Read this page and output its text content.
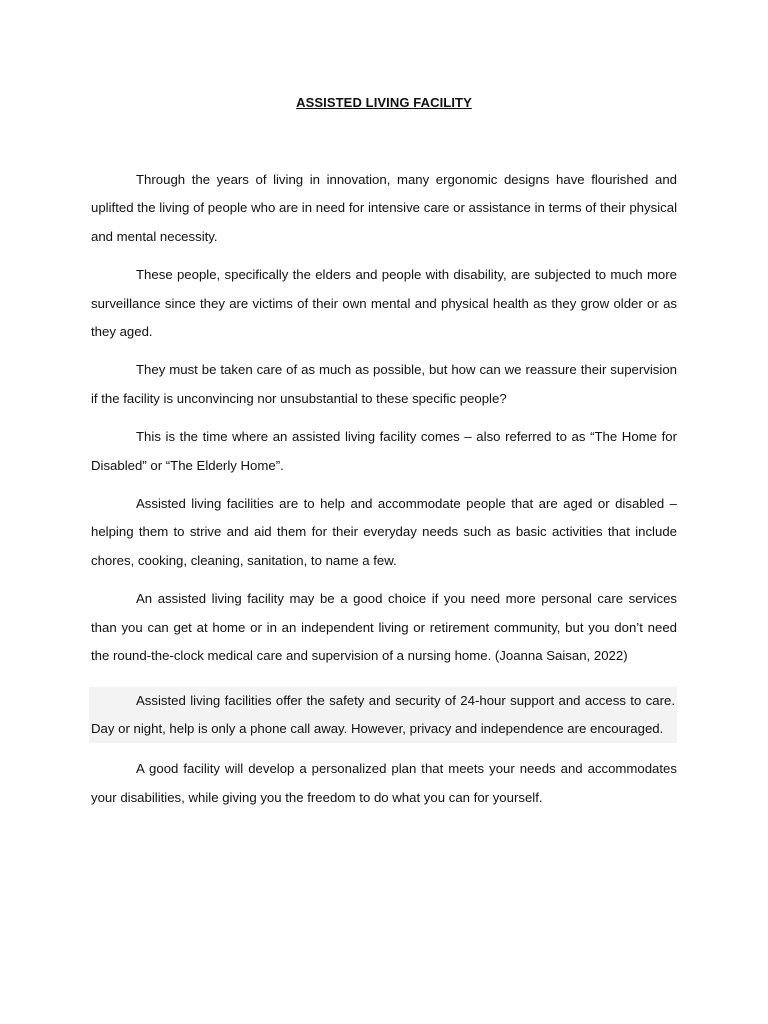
ASSISTED LIVING FACILITY

Through the years of living in innovation, many ergonomic designs have flourished and uplifted the living of people who are in need for intensive care or assistance in terms of their physical and mental necessity.

These people, specifically the elders and people with disability, are subjected to much more surveillance since they are victims of their own mental and physical health as they grow older or as they aged.

They must be taken care of as much as possible, but how can we reassure their supervision if the facility is unconvincing nor unsubstantial to these specific people?

This is the time where an assisted living facility comes – also referred to as “The Home for Disabled” or “The Elderly Home”.

Assisted living facilities are to help and accommodate people that are aged or disabled – helping them to strive and aid them for their everyday needs such as basic activities that include chores, cooking, cleaning, sanitation, to name a few.

An assisted living facility may be a good choice if you need more personal care services than you can get at home or in an independent living or retirement community, but you don’t need the round-the-clock medical care and supervision of a nursing home. (Joanna Saisan, 2022)

Assisted living facilities offer the safety and security of 24-hour support and access to care. Day or night, help is only a phone call away. However, privacy and independence are encouraged.

A good facility will develop a personalized plan that meets your needs and accommodates your disabilities, while giving you the freedom to do what you can for yourself.
